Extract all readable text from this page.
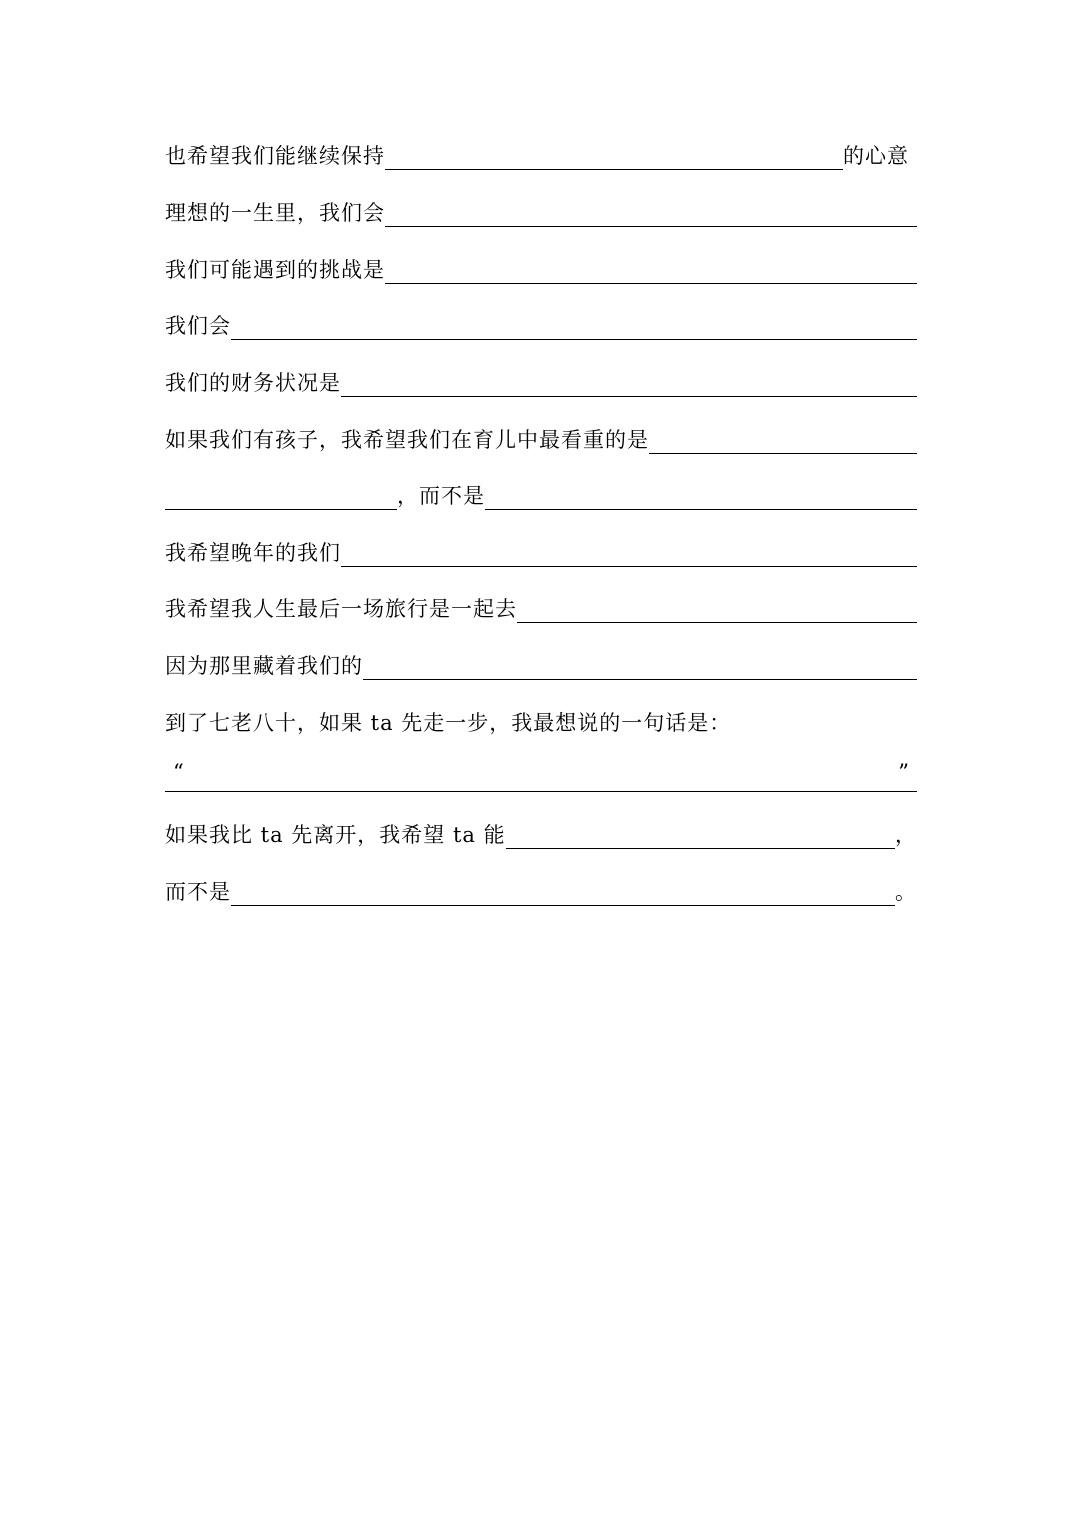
也希望我们能继续保持	的心意
理想的一生里，我们会
我们可能遇到的挑战是
我们会
我们的财务状况是
如果我们有孩子，我希望我们在育儿中最看重的是
，而不是
我希望晚年的我们
我希望我人生最后一场旅行是一起去
因为那里藏着我们的
到了七老八十，如果 ta 先走一步，我最想说的一句话是：
“	”
如果我比 ta 先离开，我希望 ta 能	，
而不是	。
